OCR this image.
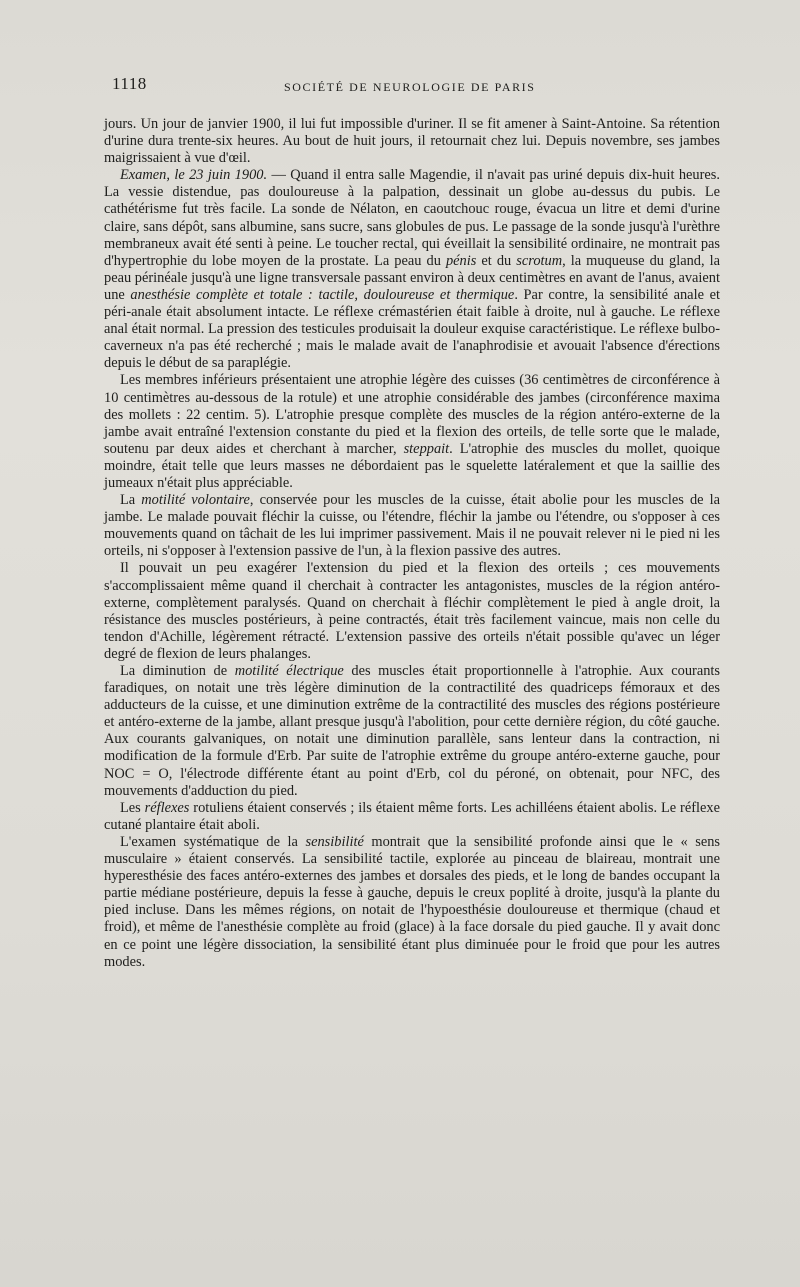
1118	SOCIÉTÉ DE NEUROLOGIE DE PARIS

jours. Un jour de janvier 1900, il lui fut impossible d'uriner. Il se fit amener à Saint-Antoine. Sa rétention d'urine dura trente-six heures. Au bout de huit jours, il retournait chez lui. Depuis novembre, ses jambes maigrissaient à vue d'œil.

Examen, le 23 juin 1900. — Quand il entra salle Magendie, il n'avait pas uriné depuis dix-huit heures. La vessie distendue, pas douloureuse à la palpation, dessinait un globe au-dessus du pubis. Le cathétérisme fut très facile. La sonde de Nélaton, en caoutchouc rouge, évacua un litre et demi d'urine claire, sans dépôt, sans albumine, sans sucre, sans globules de pus. Le passage de la sonde jusqu'à l'urèthre membraneux avait été senti à peine. Le toucher rectal, qui éveillait la sensibilité ordinaire, ne montrait pas d'hypertrophie du lobe moyen de la prostate. La peau du pénis et du scrotum, la muqueuse du gland, la peau périnéale jusqu'à une ligne transversale passant environ à deux centimètres en avant de l'anus, avaient une anesthésie complète et totale : tactile, douloureuse et thermique. Par contre, la sensibilité anale et péri-anale était absolument intacte. Le réflexe crémastérien était faible à droite, nul à gauche. Le réflexe anal était normal. La pression des testicules produisait la douleur exquise caractéristique. Le réflexe bulbo-caverneux n'a pas été recherché ; mais le malade avait de l'anaphrodisie et avouait l'absence d'érections depuis le début de sa paraplégie.

Les membres inférieurs présentaient une atrophie légère des cuisses (36 centimètres de circonférence à 10 centimètres au-dessous de la rotule) et une atrophie considérable des jambes (circonférence maxima des mollets : 22 centim. 5). L'atrophie presque complète des muscles de la région antéro-externe de la jambe avait entraîné l'extension constante du pied et la flexion des orteils, de telle sorte que le malade, soutenu par deux aides et cherchant à marcher, steppait. L'atrophie des muscles du mollet, quoique moindre, était telle que leurs masses ne débordaient pas le squelette latéralement et que la saillie des jumeaux n'était plus appréciable.

La motilité volontaire, conservée pour les muscles de la cuisse, était abolie pour les muscles de la jambe. Le malade pouvait fléchir la cuisse, ou l'étendre, fléchir la jambe ou l'étendre, ou s'opposer à ces mouvements quand on tâchait de les lui imprimer passivement. Mais il ne pouvait relever ni le pied ni les orteils, ni s'opposer à l'extension passive de l'un, à la flexion passive des autres.

Il pouvait un peu exagérer l'extension du pied et la flexion des orteils ; ces mouvements s'accomplissaient même quand il cherchait à contracter les antagonistes, muscles de la région antéro-externe, complètement paralysés. Quand on cherchait à fléchir complètement le pied à angle droit, la résistance des muscles postérieurs, à peine contractés, était très facilement vaincue, mais non celle du tendon d'Achille, légèrement rétracté. L'extension passive des orteils n'était possible qu'avec un léger degré de flexion de leurs phalanges.

La diminution de motilité électrique des muscles était proportionnelle à l'atrophie. Aux courants faradiques, on notait une très légère diminution de la contractilité des quadriceps fémoraux et des adducteurs de la cuisse, et une diminution extrême de la contractilité des muscles des régions postérieure et antéro-externe de la jambe, allant presque jusqu'à l'abolition, pour cette dernière région, du côté gauche. Aux courants galvaniques, on notait une diminution parallèle, sans lenteur dans la contraction, ni modification de la formule d'Erb. Par suite de l'atrophie extrême du groupe antéro-externe gauche, pour NOC = O, l'électrode différente étant au point d'Erb, col du péroné, on obtenait, pour NFC, des mouvements d'adduction du pied.

Les réflexes rotuliens étaient conservés ; ils étaient même forts. Les achilléens étaient abolis. Le réflexe cutané plantaire était aboli.

L'examen systématique de la sensibilité montrait que la sensibilité profonde ainsi que le « sens musculaire » étaient conservés. La sensibilité tactile, explorée au pinceau de blaireau, montrait une hyperesthésie des faces antéro-externes des jambes et dorsales des pieds, et le long de bandes occupant la partie médiane postérieure, depuis la fesse à gauche, depuis le creux poplité à droite, jusqu'à la plante du pied incluse. Dans les mêmes régions, on notait de l'hypoesthésie douloureuse et thermique (chaud et froid), et même de l'anesthésie complète au froid (glace) à la face dorsale du pied gauche. Il y avait donc en ce point une légère dissociation, la sensibilité étant plus diminuée pour le froid que pour les autres modes.
